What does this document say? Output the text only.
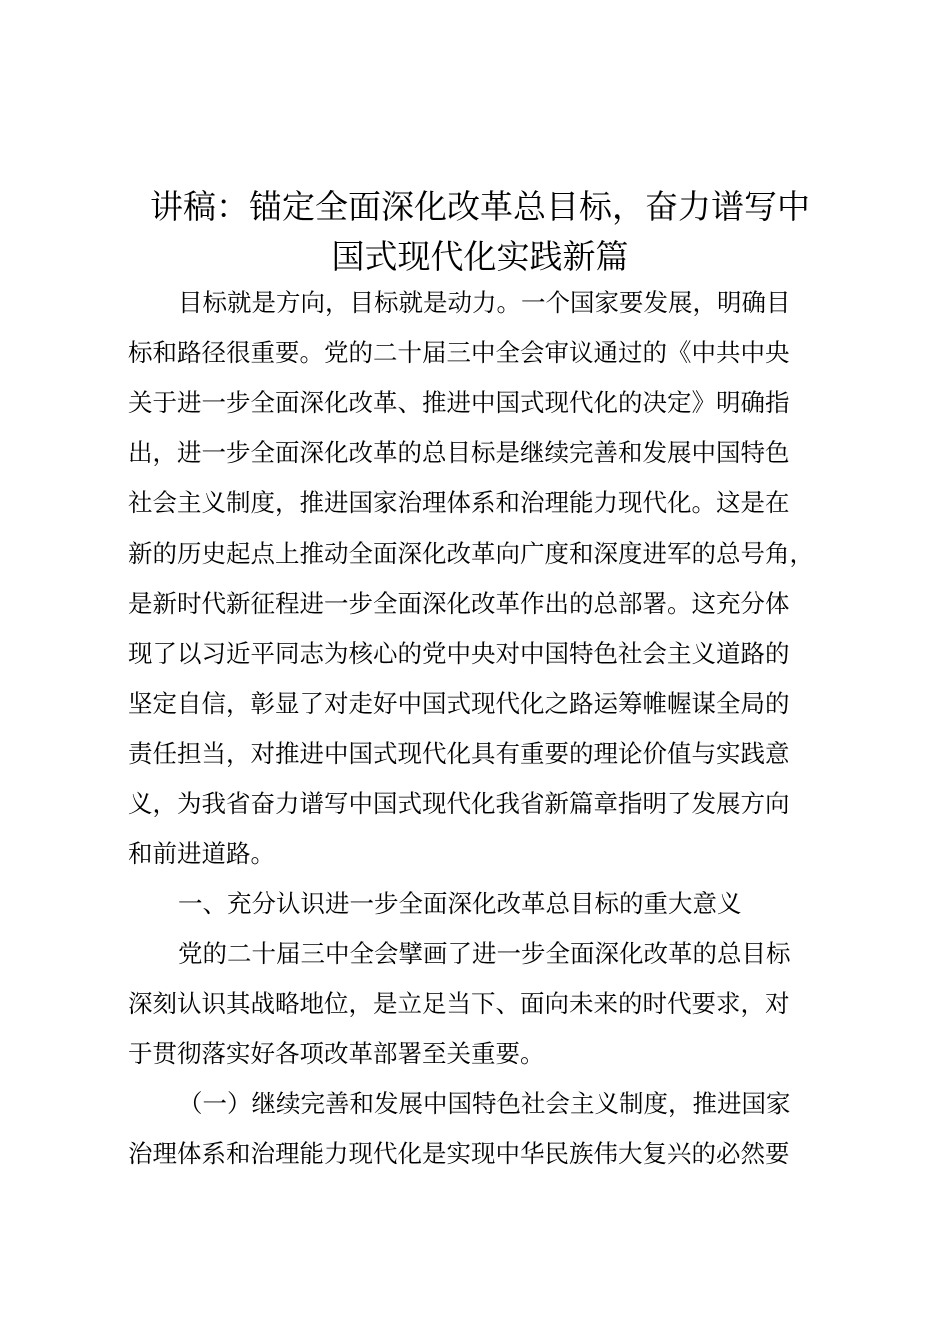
讲稿：锚定全面深化改革总目标，奋力谱写中
国式现代化实践新篇

目标就是方向，目标就是动力。一个国家要发展，明确目

标和路径很重要。党的二十届三中全会审议通过的《中共中央

关于进一步全面深化改革、推进中国式现代化的决定》明确指

出，进一步全面深化改革的总目标是继续完善和发展中国特色

社会主义制度，推进国家治理体系和治理能力现代化。这是在

新的历史起点上推动全面深化改革向广度和深度进军的总号角，

是新时代新征程进一步全面深化改革作出的总部署。这充分体

现了以习近平同志为核心的党中央对中国特色社会主义道路的

坚定自信，彰显了对走好中国式现代化之路运筹帷幄谋全局的

责任担当，对推进中国式现代化具有重要的理论价值与实践意

义，为我省奋力谱写中国式现代化我省新篇章指明了发展方向

和前进道路。

一、充分认识进一步全面深化改革总目标的重大意义

党的二十届三中全会擘画了进一步全面深化改革的总目标

深刻认识其战略地位，是立足当下、面向未来的时代要求，对

于贯彻落实好各项改革部署至关重要。

（一）继续完善和发展中国特色社会主义制度，推进国家

治理体系和治理能力现代化是实现中华民族伟大复兴的必然要
